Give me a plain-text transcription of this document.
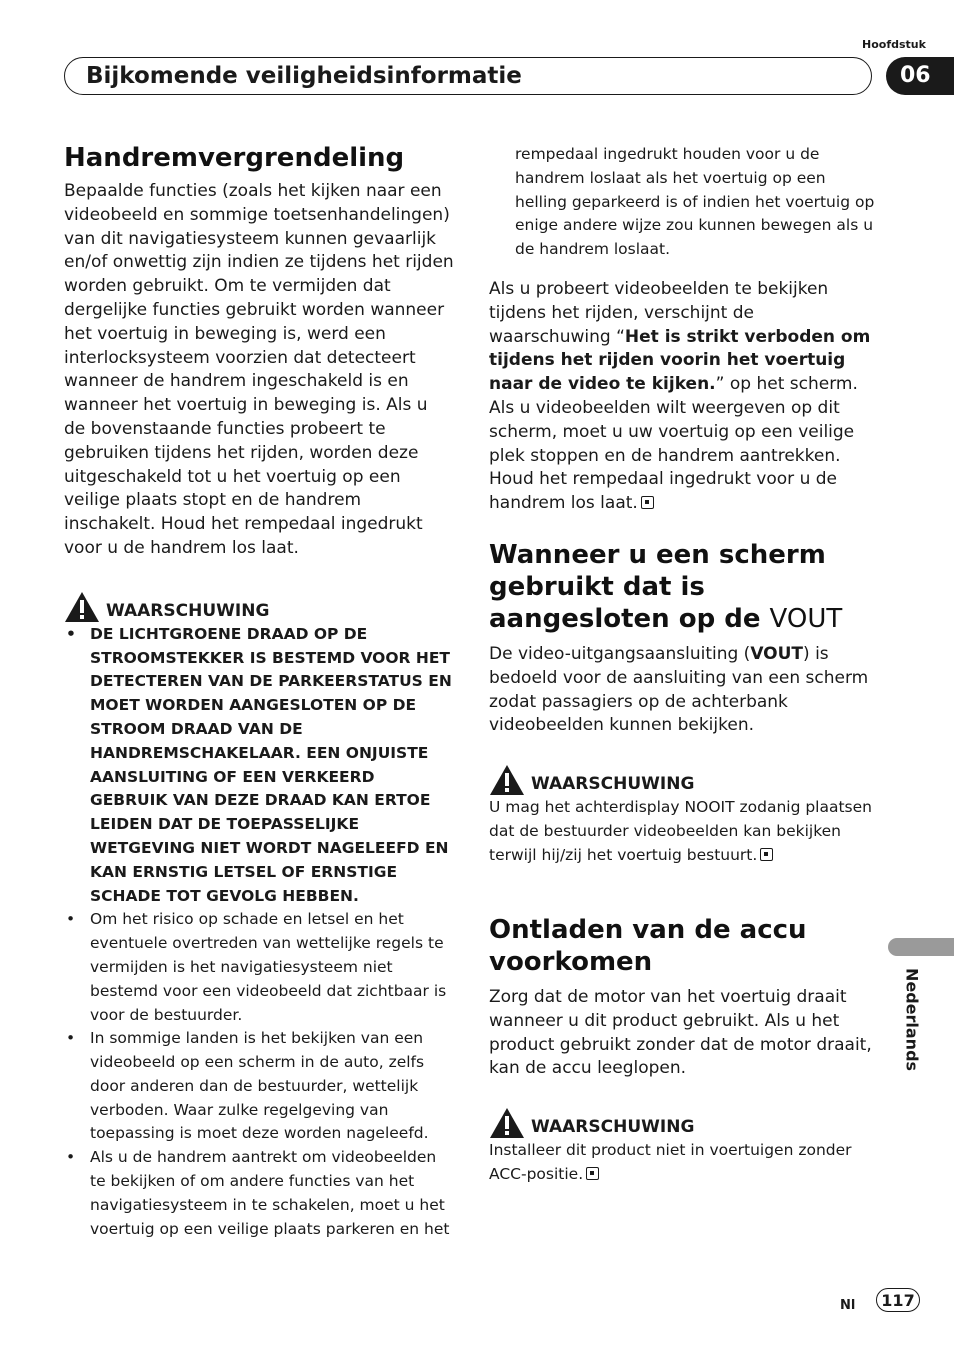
Hoofdstuk
Bijkomende veiligheidsinformatie	06
Handremvergrendeling

Bepaalde functies (zoals het kijken naar een videobeeld en sommige toetsenhandelingen) van dit navigatiesysteem kunnen gevaarlijk en/of onwettig zijn indien ze tijdens het rijden worden gebruikt. Om te vermijden dat dergelijke functies gebruikt worden wanneer het voertuig in beweging is, werd een interlocksysteem voorzien dat detecteert wanneer de handrem ingeschakeld is en wanneer het voertuig in beweging is. Als u de bovenstaande functies probeert te gebruiken tijdens het rijden, worden deze uitgeschakeld tot u het voertuig op een veilige plaats stopt en de handrem inschakelt. Houd het rempedaal ingedrukt voor u de handrem los laat.

WAARSCHUWING
• DE LICHTGROENE DRAAD OP DE STROOMSTEKKER IS BESTEMD VOOR HET DETECTEREN VAN DE PARKEERSTATUS EN MOET WORDEN AANGESLOTEN OP DE STROOM DRAAD VAN DE HANDREMSCHAKELAAR. EEN ONJUISTE AANSLUITING OF EEN VERKEERD GEBRUIK VAN DEZE DRAAD KAN ERTOE LEIDEN DAT DE TOEPASSELIJKE WETGEVING NIET WORDT NAGELEEFD EN KAN ERNSTIG LETSEL OF ERNSTIGE SCHADE TOT GEVOLG HEBBEN.
• Om het risico op schade en letsel en het eventuele overtreden van wettelijke regels te vermijden is het navigatiesysteem niet bestemd voor een videobeeld dat zichtbaar is voor de bestuurder.
• In sommige landen is het bekijken van een videobeeld op een scherm in de auto, zelfs door anderen dan de bestuurder, wettelijk verboden. Waar zulke regelgeving van toepassing is moet deze worden nageleefd.
• Als u de handrem aantrekt om videobeelden te bekijken of om andere functies van het navigatiesysteem in te schakelen, moet u het voertuig op een veilige plaats parkeren en het

rempedaal ingedrukt houden voor u de handrem loslaat als het voertuig op een helling geparkeerd is of indien het voertuig op enige andere wijze zou kunnen bewegen als u de handrem loslaat.

Als u probeert videobeelden te bekijken tijdens het rijden, verschijnt de waarschuwing “Het is strikt verboden om tijdens het rijden voorin het voertuig naar de video te kijken.” op het scherm. Als u videobeelden wilt weergeven op dit scherm, moet u uw voertuig op een veilige plek stoppen en de handrem aantrekken. Houd het rempedaal ingedrukt voor u de handrem los laat.

Wanneer u een scherm gebruikt dat is aangesloten op de VOUT

De video-uitgangsaansluiting (VOUT) is bedoeld voor de aansluiting van een scherm zodat passagiers op de achterbank videobeelden kunnen bekijken.

WAARSCHUWING

U mag het achterdisplay NOOIT zodanig plaatsen dat de bestuurder videobeelden kan bekijken terwijl hij/zij het voertuig bestuurt.

Ontladen van de accu voorkomen

Zorg dat de motor van het voertuig draait wanneer u dit product gebruikt. Als u het product gebruikt zonder dat de motor draait, kan de accu leeglopen.

WAARSCHUWING

Installeer dit product niet in voertuigen zonder ACC-positie.

Nederlands
Nl	117
